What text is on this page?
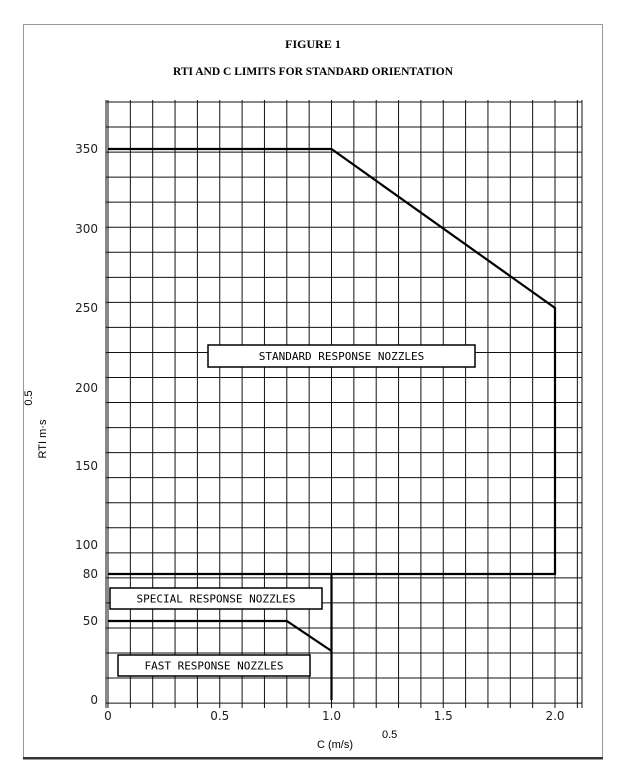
FIGURE 1
RTI AND C LIMITS FOR STANDARD ORIENTATION
0	0.5	1.0	1.5	2.0
0
50
80
100
150
200
250
300
350
STANDARD RESPONSE NOZZLES
SPECIAL RESPONSE NOZZLES
FAST RESPONSE NOZZLES
C (m/s)
0.5
RTI m·s
0.5
